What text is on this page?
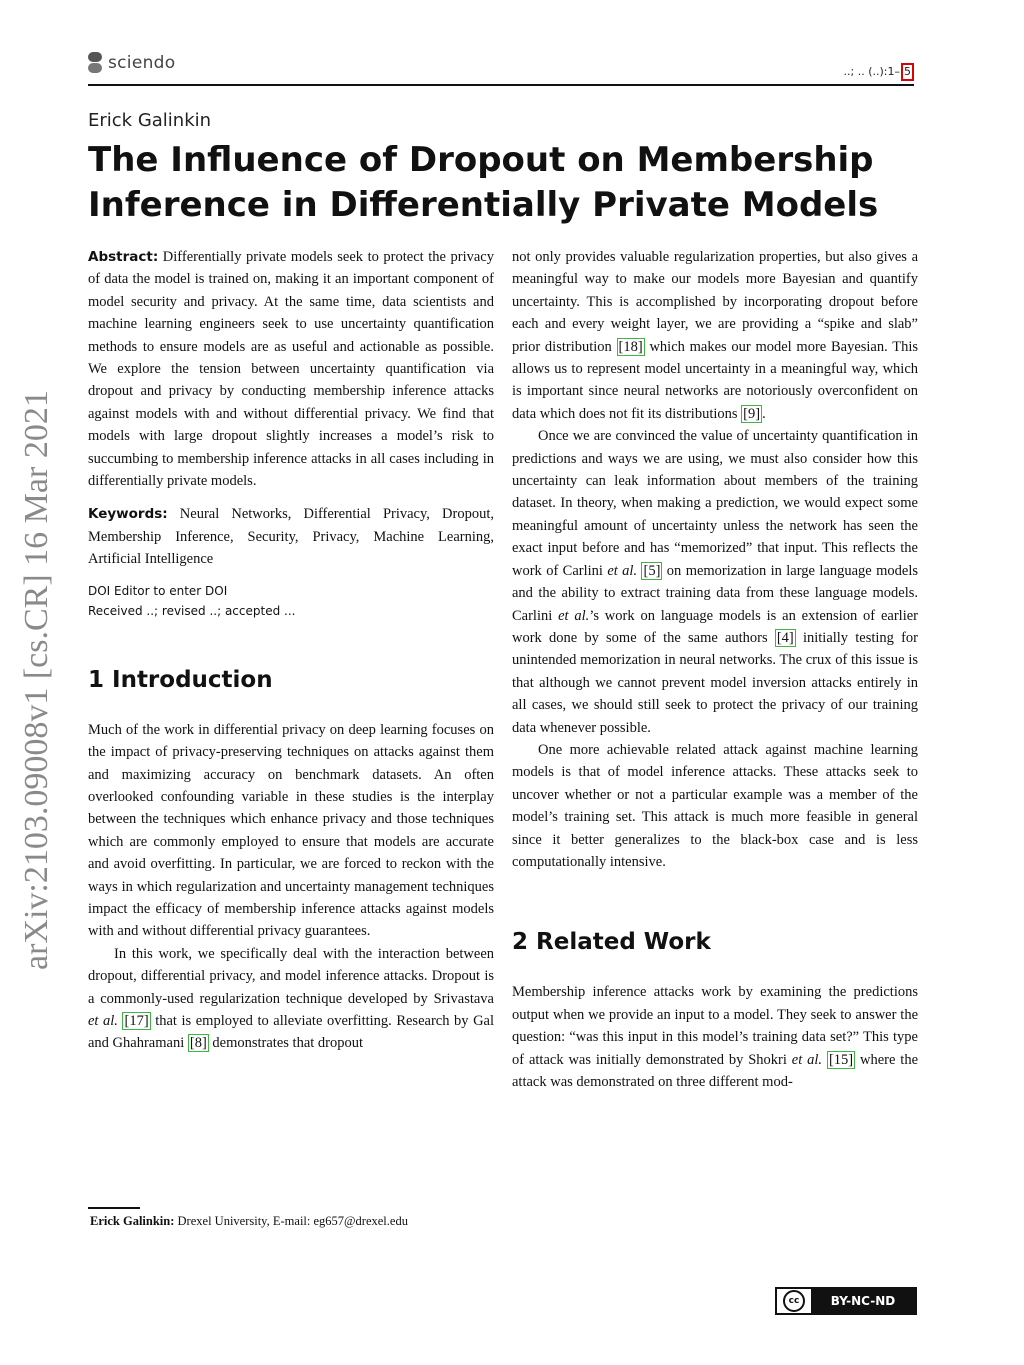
sciendo	..; .. (..):1– 5
arXiv:2103.09008v1 [cs.CR] 16 Mar 2021
Erick Galinkin
The Influence of Dropout on Membership Inference in Differentially Private Models

Abstract: Differentially private models seek to protect the privacy of data the model is trained on, making it an important component of model security and privacy. At the same time, data scientists and machine learning engineers seek to use uncertainty quantification methods to ensure models are as useful and actionable as possible. We explore the tension between uncertainty quantification via dropout and privacy by conducting membership inference attacks against models with and without differential privacy. We find that models with large dropout slightly increases a model’s risk to succumbing to membership inference attacks in all cases including in differentially private models.

Keywords: Neural Networks, Differential Privacy, Dropout, Membership Inference, Security, Privacy, Machine Learning, Artificial Intelligence

DOI Editor to enter DOI
Received ..; revised ..; accepted ...
1 Introduction

Much of the work in differential privacy on deep learning focuses on the impact of privacy-preserving techniques on attacks against them and maximizing accuracy on benchmark datasets. An often overlooked confounding variable in these studies is the interplay between the techniques which enhance privacy and those techniques which are commonly employed to ensure that models are accurate and avoid overfitting. In particular, we are forced to reckon with the ways in which regularization and uncertainty management techniques impact the efficacy of membership inference attacks against models with and without differential privacy guarantees.

In this work, we specifically deal with the interaction between dropout, differential privacy, and model inference attacks. Dropout is a commonly-used regularization technique developed by Srivastava et al. [17] that is employed to alleviate overfitting. Research by Gal and Ghahramani [8] demonstrates that dropout

not only provides valuable regularization properties, but also gives a meaningful way to make our models more Bayesian and quantify uncertainty. This is accomplished by incorporating dropout before each and every weight layer, we are providing a “spike and slab” prior distribution [18] which makes our model more Bayesian. This allows us to represent model uncertainty in a meaningful way, which is important since neural networks are notoriously overconfident on data which does not fit its distributions [9] .

Once we are convinced the value of uncertainty quantification in predictions and ways we are using, we must also consider how this uncertainty can leak information about members of the training dataset. In theory, when making a prediction, we would expect some meaningful amount of uncertainty unless the network has seen the exact input before and has “memorized” that input. This reflects the work of Carlini et al. [5] on memorization in large language models and the ability to extract training data from these language models. Carlini et al.’s work on language models is an extension of earlier work done by some of the same authors [4] initially testing for unintended memorization in neural networks. The crux of this issue is that although we cannot prevent model inversion attacks entirely in all cases, we should still seek to protect the privacy of our training data whenever possible.

One more achievable related attack against machine learning models is that of model inference attacks. These attacks seek to uncover whether or not a particular example was a member of the model’s training set. This attack is much more feasible in general since it better generalizes to the black-box case and is less computationally intensive.

2 Related Work

Membership inference attacks work by examining the predictions output when we provide an input to a model. They seek to answer the question: “was this input in this model’s training data set?” This type of attack was initially demonstrated by Shokri et al. [15] where the attack was demonstrated on three different mod-

Erick Galinkin: Drexel University, E-mail: eg657@drexel.edu
cc	BY-NC-ND
